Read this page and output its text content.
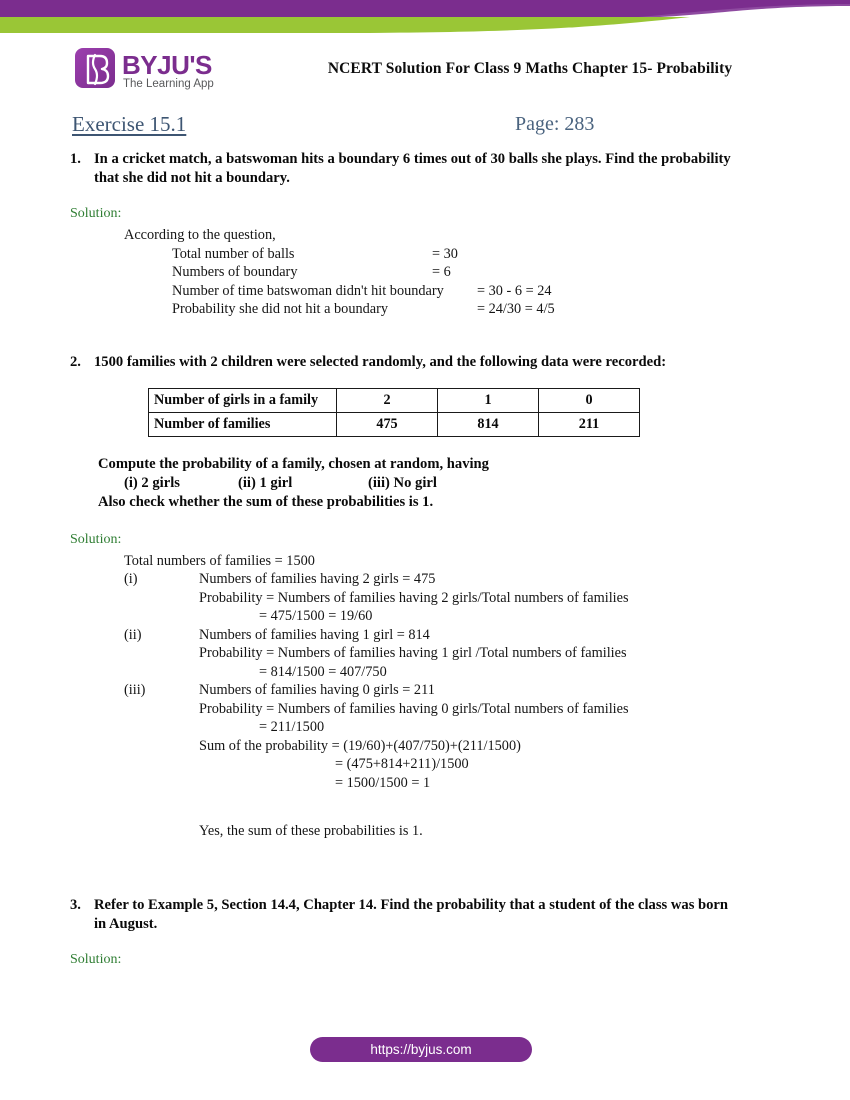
BYJU'S
The Learning App
NCERT Solution For Class 9 Maths Chapter 15- Probability
Exercise 15.1	Page: 283
1. In a cricket match, a batswoman hits a boundary 6 times out of 30 balls she plays. Find the probability that she did not hit a boundary.
Solution:
According to the question,
Total number of balls	= 30
Numbers of boundary	= 6
Number of time batswoman didn't hit boundary = 30 - 6 = 24
Probability she did not hit a boundary	= 24/30 = 4/5
2. 1500 families with 2 children were selected randomly, and the following data were recorded:
Number of girls in a family	2	1	0
Number of families	475	814	211
Compute the probability of a family, chosen at random, having
(i) 2 girls	(ii) 1 girl	(iii) No girl
Also check whether the sum of these probabilities is 1.
Solution:
Total numbers of families = 1500
(i)	Numbers of families having 2 girls = 475
Probability = Numbers of families having 2 girls/Total numbers of families
= 475/1500 = 19/60
(ii)	Numbers of families having 1 girl = 814
Probability = Numbers of families having 1 girl /Total numbers of families
= 814/1500 = 407/750
(iii)	Numbers of families having 0 girls = 211
Probability = Numbers of families having 0 girls/Total numbers of families
= 211/1500
Sum of the probability = (19/60)+(407/750)+(211/1500)
= (475+814+211)/1500
= 1500/1500 = 1
Yes, the sum of these probabilities is 1.
3. Refer to Example 5, Section 14.4, Chapter 14. Find the probability that a student of the class was born in August.
Solution:
https://byjus.com
